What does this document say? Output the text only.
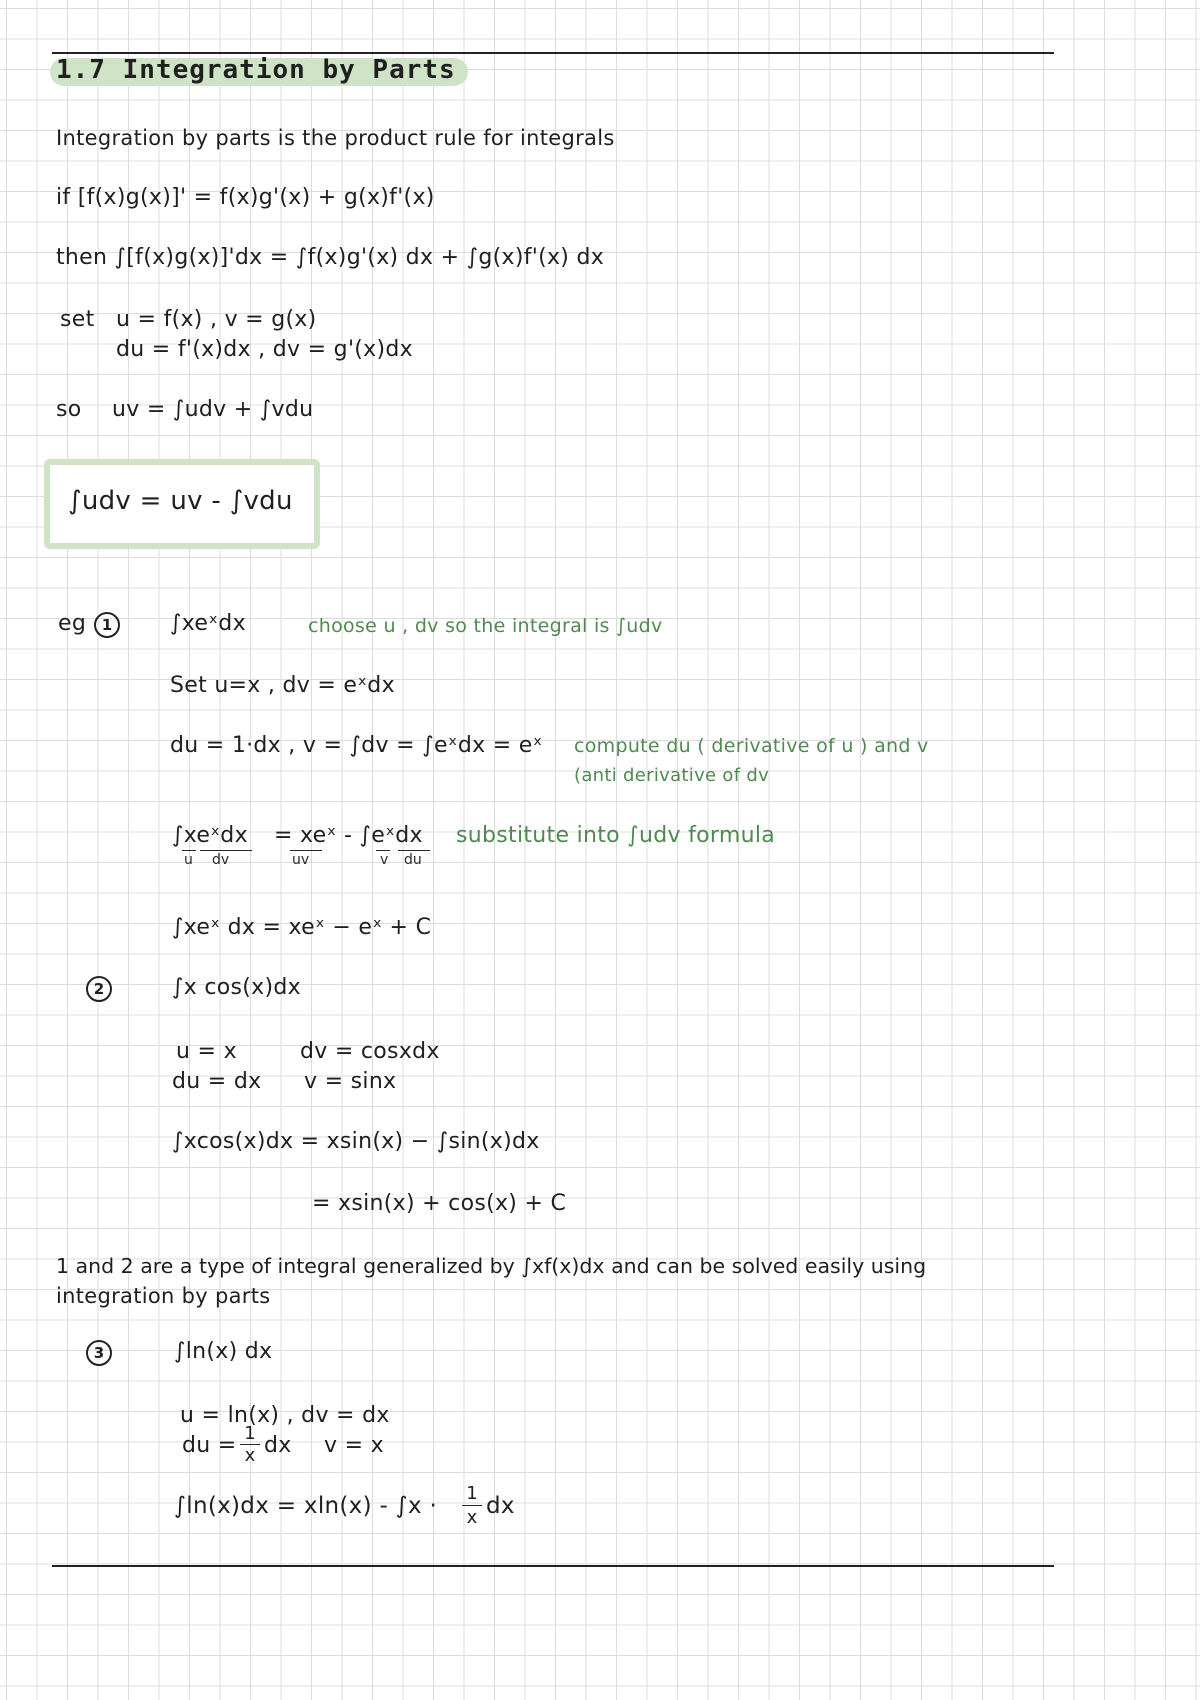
1.7 Integration by Parts
Integration by parts is the product rule for integrals
if [f(x)g(x)]' = f(x)g'(x) + g(x)f'(x)
then ∫[f(x)g(x)]'dx = ∫f(x)g'(x) dx + ∫g(x)f'(x) dx
set u = f(x) , v = g(x)
du = f'(x)dx , dv = g'(x)dx
so uv = ∫udv + ∫vdu
∫udv = uv - ∫vdu
eg	1	∫xeˣdx	choose u , dv so the integral is ∫udv
Set u=x , dv = eˣdx
du = 1·dx , v = ∫dv = ∫eˣdx = eˣ compute du ( derivative of u ) and v
(anti derivative of dv
∫xeˣdx
u dv
= xeˣ
uv
- ∫eˣdx
v du
substitute into ∫udv formula
∫xeˣ dx = xeˣ − eˣ + C
2	∫x cos(x)dx
u = x
du = dx
dv = cosxdx
v = sinx
∫xcos(x)dx = xsin(x) − ∫sin(x)dx
= xsin(x) + cos(x) + C
1 and 2 are a type of integral generalized by ∫xf(x)dx and can be solved easily using
integration by parts
3	∫ln(x) dx
u = ln(x) , dv = dx
du = 1
x dx v = x
∫ln(x)dx = xln(x) - ∫x · 1
x dx
